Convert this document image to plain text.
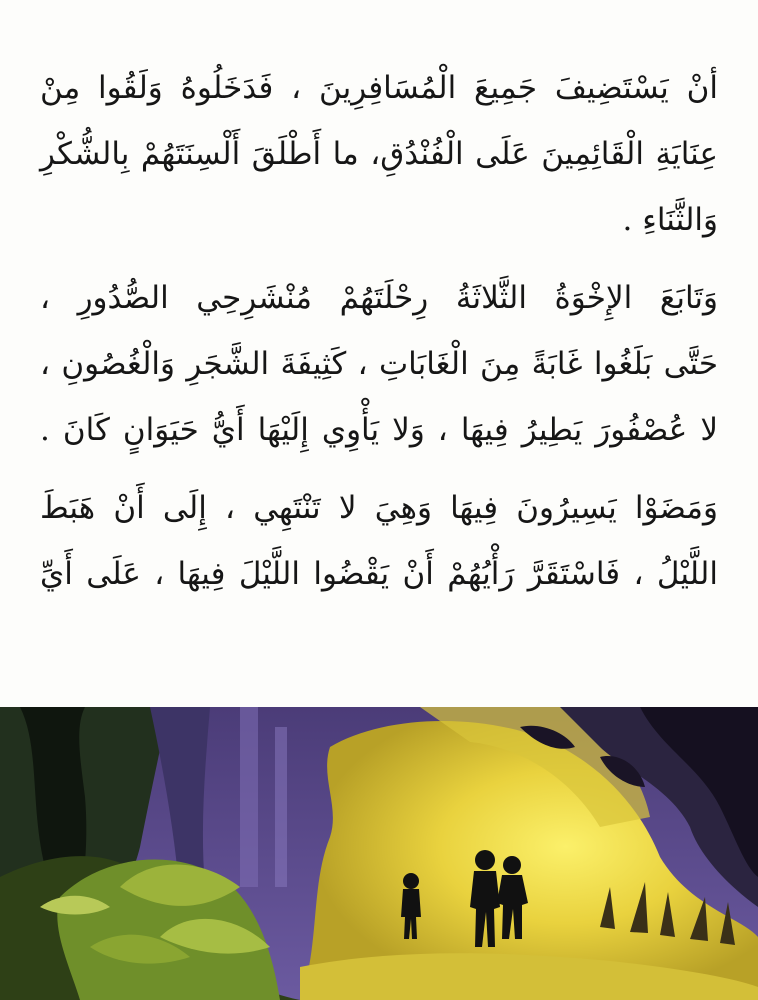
أنْ يَسْتَضِيفَ جَمِيعَ الْمُسَافِرِينَ ، فَدَخَلُوهُ وَلَقُوا مِنْ
عِنَايَةِ الْقَائِمِينَ عَلَى الْفُنْدُقِ، ما أَطْلَقَ أَلْسِنَتَهُمْ بِالشُّكْرِ
وَالثَّنَاءِ .
وَتَابَعَ الإِخْوَةُ الثَّلاثَةُ رِحْلَتَهُمْ مُنْشَرِحِي الصُّدُورِ ،
حَتَّى بَلَغُوا غَابَةً مِنَ الْغَابَاتِ ، كَثِيفَةَ الشَّجَرِ وَالْغُصُونِ ،
لا عُصْفُورَ يَطِيرُ فِيهَا ، وَلا يَأْوِي إِلَيْهَا أَيُّ حَيَوَانٍ كَانَ .
وَمَضَوْا يَسِيرُونَ فِيهَا وَهِيَ لا تَنْتَهِي ، إِلَى أَنْ هَبَطَ
اللَّيْلُ ، فَاسْتَقَرَّ رَأْيُهُمْ أَنْ يَقْضُوا اللَّيْلَ فِيهَا ، عَلَى أَيِّ
